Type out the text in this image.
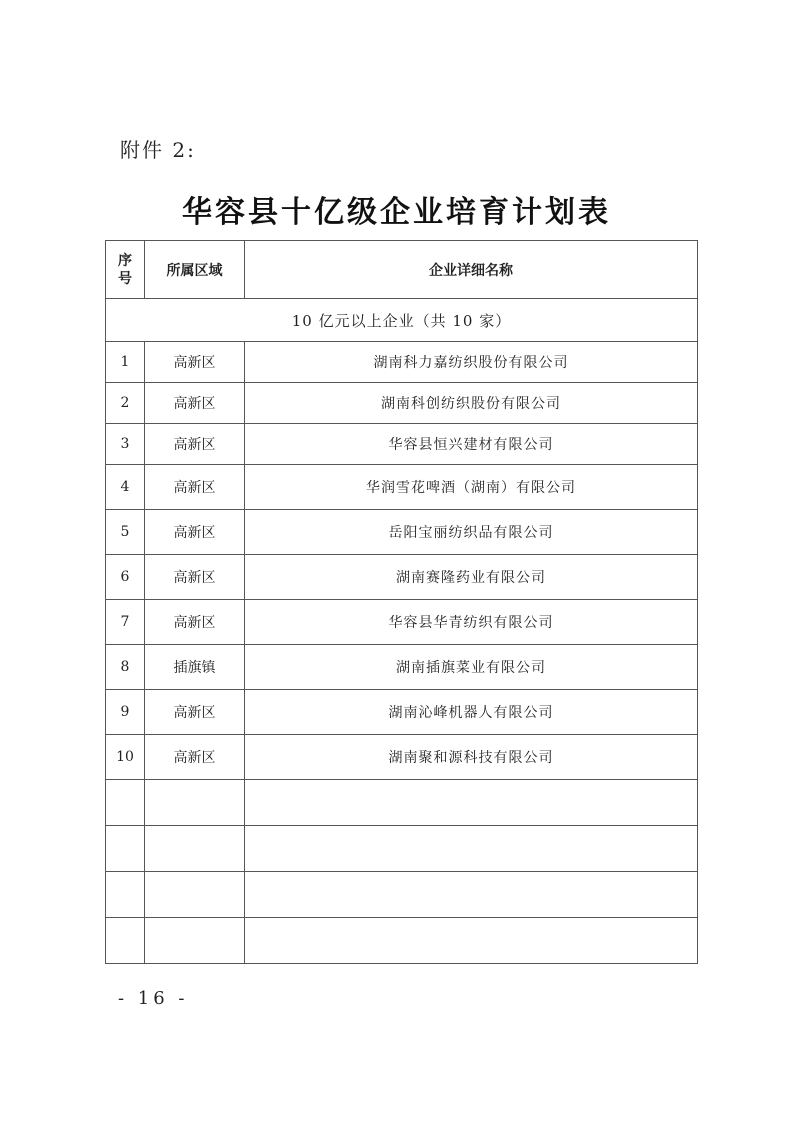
附件 2:
华容县十亿级企业培育计划表
序
号	所属区域	企业详细名称
10 亿元以上企业（共 10 家）		
1	高新区	湖南科力嘉纺织股份有限公司
2	高新区	湖南科创纺织股份有限公司
3	高新区	华容县恒兴建材有限公司
4	高新区	华润雪花啤酒（湖南）有限公司
5	高新区	岳阳宝丽纺织品有限公司
6	高新区	湖南赛隆药业有限公司
7	高新区	华容县华青纺织有限公司
8	插旗镇	湖南插旗菜业有限公司
9	高新区	湖南沁峰机器人有限公司
10	高新区	湖南聚和源科技有限公司

- 16 -
